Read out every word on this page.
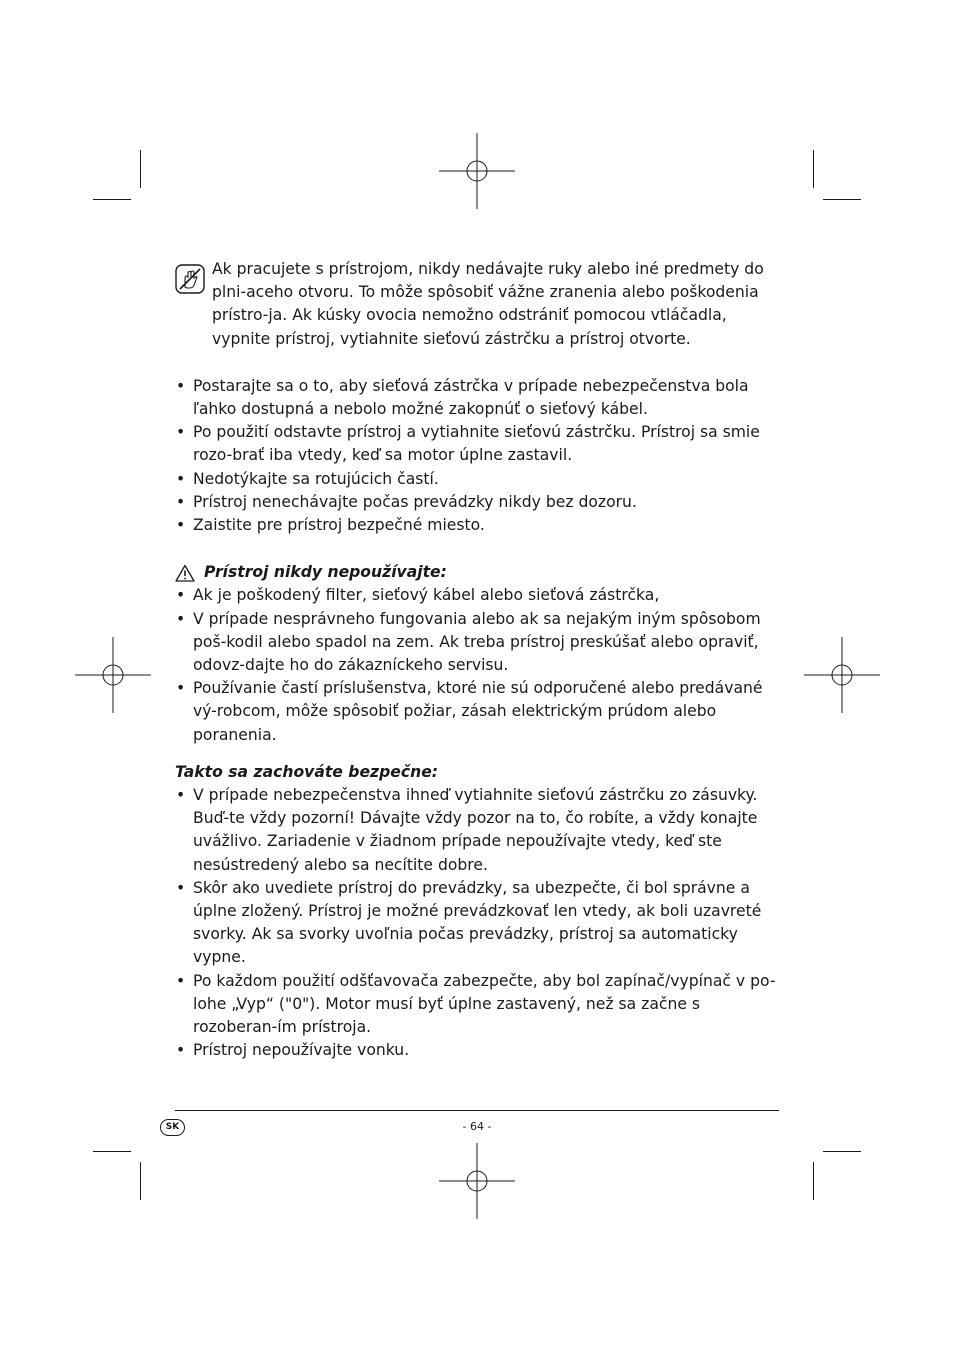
Ak pracujete s prístrojom, nikdy nedávajte ruky alebo iné predmety do plni-aceho otvoru. To môže spôsobiť vážne zranenia alebo poškodenia prístro-ja. Ak kúsky ovocia nemožno odstrániť pomocou vtláčadla, vypnite prístroj, vytiahnite sieťovú zástrčku a prístroj otvorte.
• Postarajte sa o to, aby sieťová zástrčka v prípade nebezpečenstva bola ľahko dostupná a nebolo možné zakopnúť o sieťový kábel.
• Po použití odstavte prístroj a vytiahnite sieťovú zástrčku. Prístroj sa smie rozo-brať iba vtedy, keď sa motor úplne zastavil.
• Nedotýkajte sa rotujúcich častí.
• Prístroj nenechávajte počas prevádzky nikdy bez dozoru.
• Zaistite pre prístroj bezpečné miesto.
Prístroj nikdy nepoužívajte:
• Ak je poškodený filter, sieťový kábel alebo sieťová zástrčka,
• V prípade nesprávneho fungovania alebo ak sa nejakým iným spôsobom poš-kodil alebo spadol na zem. Ak treba prístroj preskúšať alebo opraviť, odovz-dajte ho do zákazníckeho servisu.
• Používanie častí príslušenstva, ktoré nie sú odporučené alebo predávané vý-robcom, môže spôsobiť požiar, zásah elektrickým prúdom alebo poranenia.
Takto sa zachováte bezpečne:
• V prípade nebezpečenstva ihneď vytiahnite sieťovú zástrčku zo zásuvky. Buď-te vždy pozorní! Dávajte vždy pozor na to, čo robíte, a vždy konajte uvážlivo. Zariadenie v žiadnom prípade nepoužívajte vtedy, keď ste nesústredený alebo sa necítite dobre.
• Skôr ako uvediete prístroj do prevádzky, sa ubezpečte, či bol správne a úplne zložený. Prístroj je možné prevádzkovať len vtedy, ak boli uzavreté svorky. Ak sa svorky uvoľnia počas prevádzky, prístroj sa automaticky vypne.
• Po každom použití odšťavovača zabezpečte, aby bol zapínač/vypínač v po-lohe „Vyp“ ("0"). Motor musí byť úplne zastavený, než sa začne s rozoberan-ím prístroja.
• Prístroj nepoužívajte vonku.
SK	- 64 -
